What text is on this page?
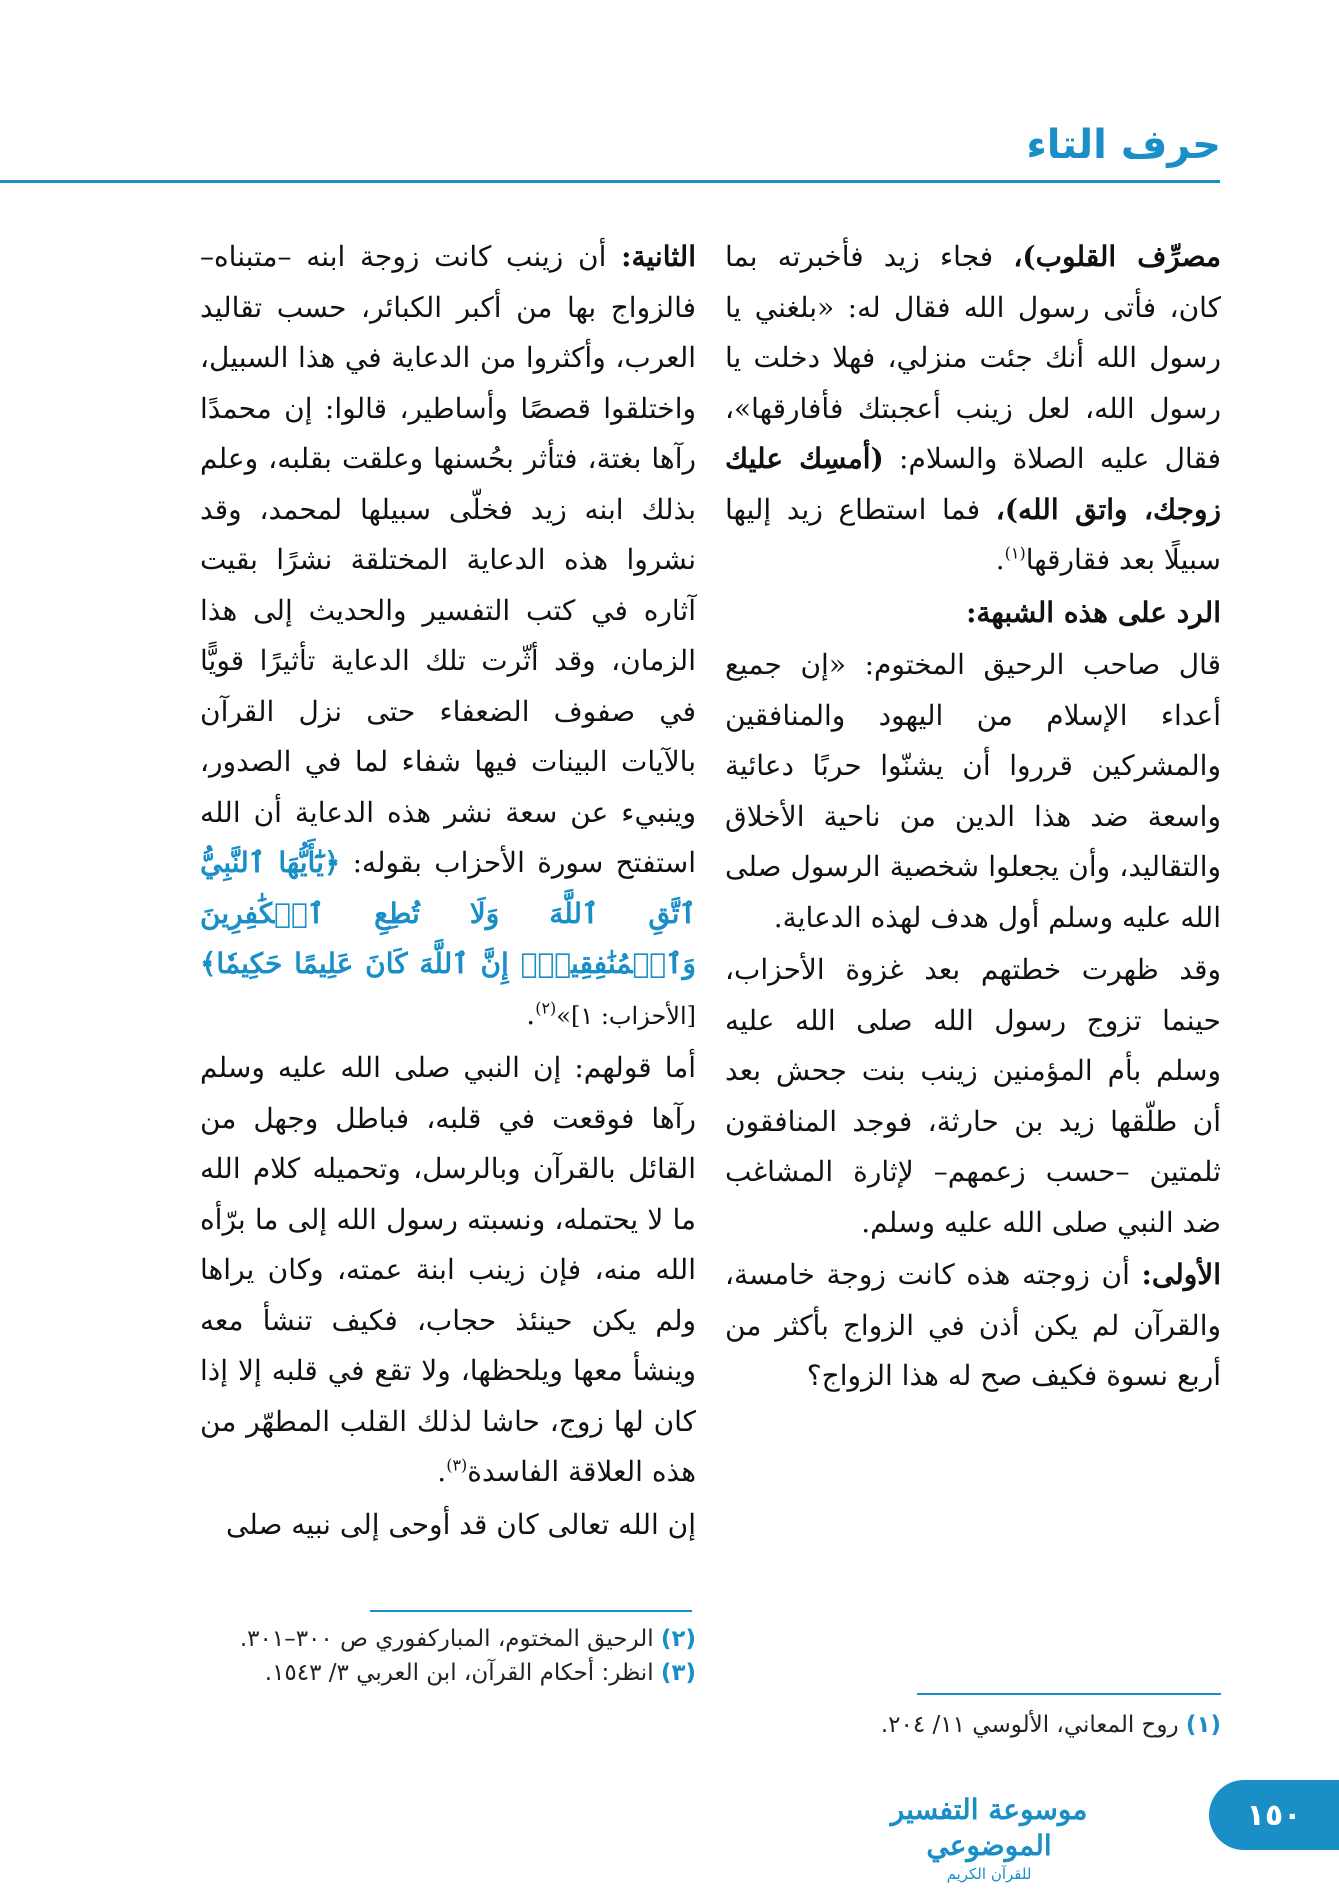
حرف التاء

مصرِّف القلوب)، فجاء زيد فأخبرته بما كان، فأتى رسول الله فقال له: «بلغني يا رسول الله أنك جئت منزلي، فهلا دخلت يا رسول الله، لعل زينب أعجبتك فأفارقها»، فقال عليه الصلاة والسلام: (أمسِك عليك زوجك، واتق الله)، فما استطاع زيد إليها سبيلًا بعد فقارقها$^{(١)}$.

الرد على هذه الشبهة:

قال صاحب الرحيق المختوم: «إن جميع أعداء الإسلام من اليهود والمنافقين والمشركين قرروا أن يشنّوا حربًا دعائية واسعة ضد هذا الدين من ناحية الأخلاق والتقاليد، وأن يجعلوا شخصية الرسول صلى الله عليه وسلم أول هدف لهذه الدعاية.

وقد ظهرت خطتهم بعد غزوة الأحزاب، حينما تزوج رسول الله صلى الله عليه وسلم بأم المؤمنين زينب بنت جحش بعد أن طلّقها زيد بن حارثة، فوجد المنافقون ثلمتين –حسب زعمهم– لإثارة المشاغب ضد النبي صلى الله عليه وسلم.

الأولى: أن زوجته هذه كانت زوجة خامسة، والقرآن لم يكن أذن في الزواج بأكثر من أربع نسوة فكيف صح له هذا الزواج؟

الثانية: أن زينب كانت زوجة ابنه –متبناه– فالزواج بها من أكبر الكبائر، حسب تقاليد العرب، وأكثروا من الدعاية في هذا السبيل، واختلقوا قصصًا وأساطير، قالوا: إن محمدًا رآها بغتة، فتأثر بحُسنها وعلقت بقلبه، وعلم بذلك ابنه زيد فخلّى سبيلها لمحمد، وقد نشروا هذه الدعاية المختلقة نشرًا بقيت آثاره في كتب التفسير والحديث إلى هذا الزمان، وقد أثّرت تلك الدعاية تأثيرًا قويًّا في صفوف الضعفاء حتى نزل القرآن بالآيات البينات فيها شفاء لما في الصدور، وينبيء عن سعة نشر هذه الدعاية أن الله استفتح سورة الأحزاب بقوله: ﴿يَٰٓأَيُّهَا ٱلنَّبِيُّ ٱتَّقِ ٱللَّهَ وَلَا تُطِعِ ٱلۡكَٰفِرِينَ وَٱلۡمُنَٰفِقِينَۚ إِنَّ ٱللَّهَ كَانَ عَلِيمًا حَكِيمٗا﴾ [الأحزاب: ١]»$^{(٢)}$.

أما قولهم: إن النبي صلى الله عليه وسلم رآها فوقعت في قلبه، فباطل وجهل من القائل بالقرآن وبالرسل، وتحميله كلام الله ما لا يحتمله، ونسبته رسول الله إلى ما برّأه الله منه، فإن زينب ابنة عمته، وكان يراها ولم يكن حينئذ حجاب، فكيف تنشأ معه وينشأ معها ويلحظها، ولا تقع في قلبه إلا إذا كان لها زوج، حاشا لذلك القلب المطهّر من هذه العلاقة الفاسدة$^{(٣)}$.

إن الله تعالى كان قد أوحى إلى نبيه صلى

(١) روح المعاني، الألوسي ١١/ ٢٠٤.
(٢) الرحيق المختوم، المباركفوري ص ٣٠٠–٣٠١.
(٣) انظر: أحكام القرآن، ابن العربي ٣/ ١٥٤٣.
موسوعة التفسير الموضوعي
للقرآن الكريم
١٥٠
